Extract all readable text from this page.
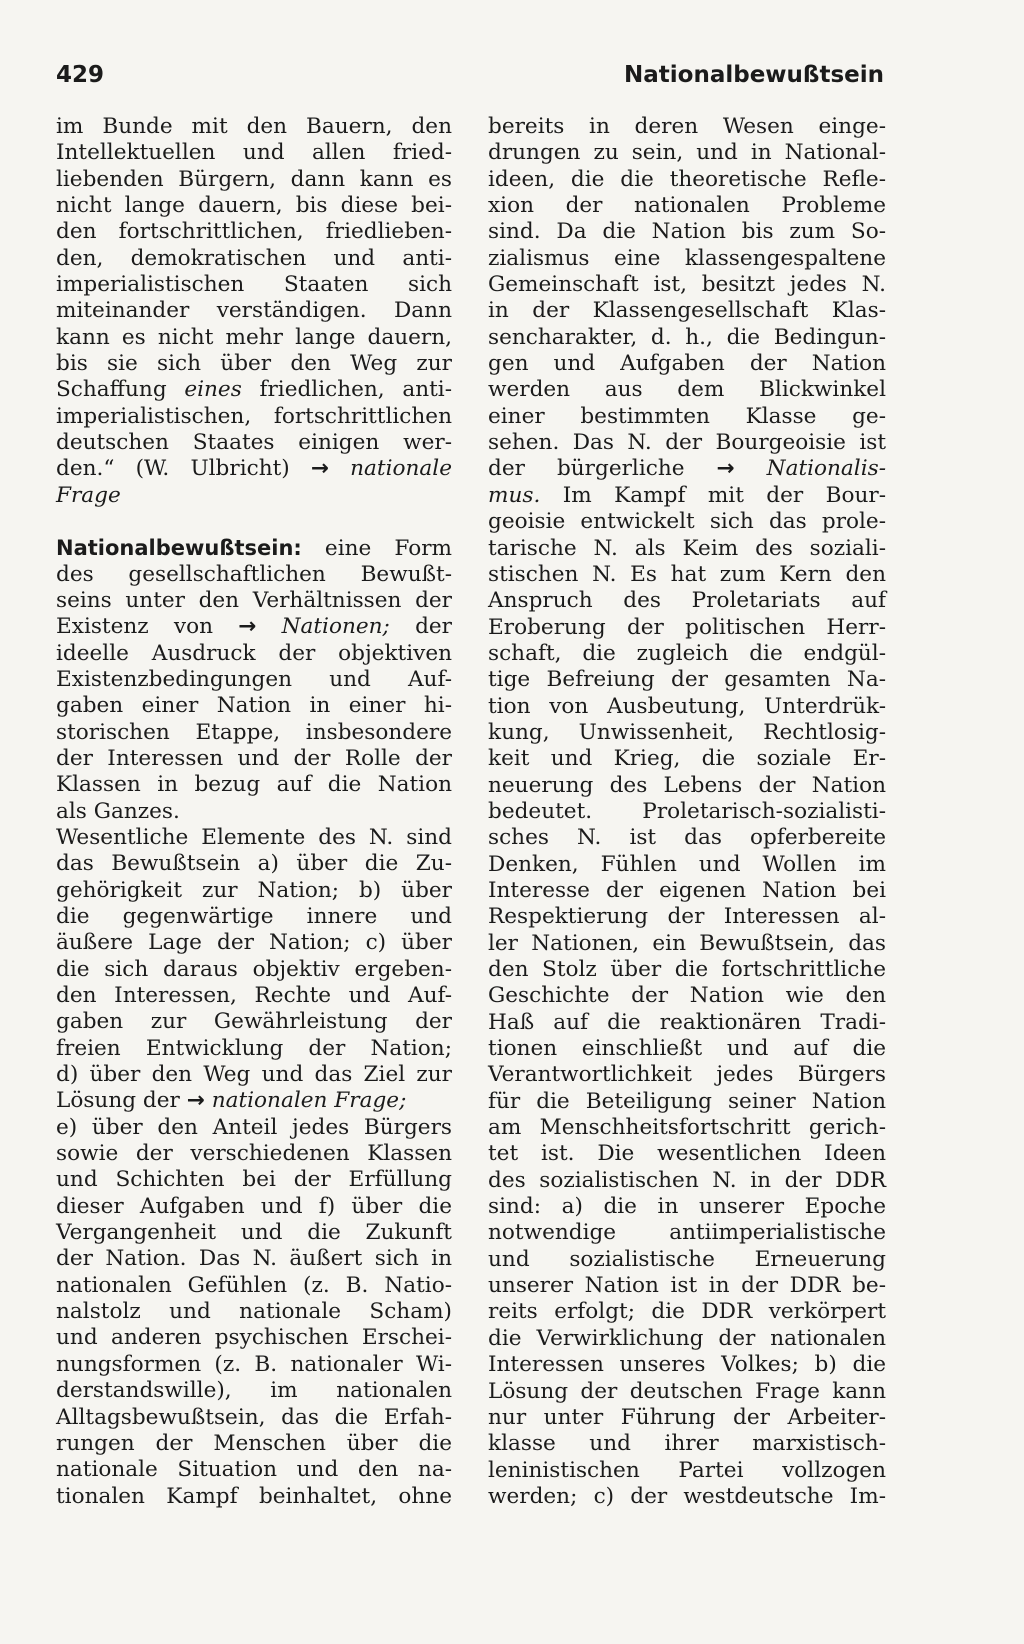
429	Nationalbewußtsein
im Bunde mit den Bauern, den
Intellektuellen und allen fried-
liebenden Bürgern, dann kann es
nicht lange dauern, bis diese bei-
den fortschrittlichen, friedlieben-
den, demokratischen und anti-
imperialistischen Staaten sich
miteinander verständigen. Dann
kann es nicht mehr lange dauern,
bis sie sich über den Weg zur
Schaffung eines friedlichen, anti-
imperialistischen, fortschrittlichen
deutschen Staates einigen wer-
den.“ (W. Ulbricht) → nationale
Frage
Nationalbewußtsein: eine Form
des gesellschaftlichen Bewußt-
seins unter den Verhältnissen der
Existenz von → Nationen; der
ideelle Ausdruck der objektiven
Existenzbedingungen und Auf-
gaben einer Nation in einer hi-
storischen Etappe, insbesondere
der Interessen und der Rolle der
Klassen in bezug auf die Nation
als Ganzes.
Wesentliche Elemente des N. sind
das Bewußtsein a) über die Zu-
gehörigkeit zur Nation; b) über
die gegenwärtige innere und
äußere Lage der Nation; c) über
die sich daraus objektiv ergeben-
den Interessen, Rechte und Auf-
gaben zur Gewährleistung der
freien Entwicklung der Nation;
d) über den Weg und das Ziel zur
Lösung der → nationalen Frage;
e) über den Anteil jedes Bürgers
sowie der verschiedenen Klassen
und Schichten bei der Erfüllung
dieser Aufgaben und f) über die
Vergangenheit und die Zukunft
der Nation. Das N. äußert sich in
nationalen Gefühlen (z. B. Natio-
nalstolz und nationale Scham)
und anderen psychischen Erschei-
nungsformen (z. B. nationaler Wi-
derstandswille), im nationalen
Alltagsbewußtsein, das die Erfah-
rungen der Menschen über die
nationale Situation und den na-
tionalen Kampf beinhaltet, ohne
bereits in deren Wesen einge-
drungen zu sein, und in National-
ideen, die die theoretische Refle-
xion der nationalen Probleme
sind. Da die Nation bis zum So-
zialismus eine klassengespaltene
Gemeinschaft ist, besitzt jedes N.
in der Klassengesellschaft Klas-
sencharakter, d. h., die Bedingun-
gen und Aufgaben der Nation
werden aus dem Blickwinkel
einer bestimmten Klasse ge-
sehen. Das N. der Bourgeoisie ist
der bürgerliche → Nationalis-
mus. Im Kampf mit der Bour-
geoisie entwickelt sich das prole-
tarische N. als Keim des soziali-
stischen N. Es hat zum Kern den
Anspruch des Proletariats auf
Eroberung der politischen Herr-
schaft, die zugleich die endgül-
tige Befreiung der gesamten Na-
tion von Ausbeutung, Unterdrük-
kung, Unwissenheit, Rechtlosig-
keit und Krieg, die soziale Er-
neuerung des Lebens der Nation
bedeutet. Proletarisch-sozialisti-
sches N. ist das opferbereite
Denken, Fühlen und Wollen im
Interesse der eigenen Nation bei
Respektierung der Interessen al-
ler Nationen, ein Bewußtsein, das
den Stolz über die fortschrittliche
Geschichte der Nation wie den
Haß auf die reaktionären Tradi-
tionen einschließt und auf die
Verantwortlichkeit jedes Bürgers
für die Beteiligung seiner Nation
am Menschheitsfortschritt gerich-
tet ist. Die wesentlichen Ideen
des sozialistischen N. in der DDR
sind: a) die in unserer Epoche
notwendige antiimperialistische
und sozialistische Erneuerung
unserer Nation ist in der DDR be-
reits erfolgt; die DDR verkörpert
die Verwirklichung der nationalen
Interessen unseres Volkes; b) die
Lösung der deutschen Frage kann
nur unter Führung der Arbeiter-
klasse und ihrer marxistisch-
leninistischen Partei vollzogen
werden; c) der westdeutsche Im-
